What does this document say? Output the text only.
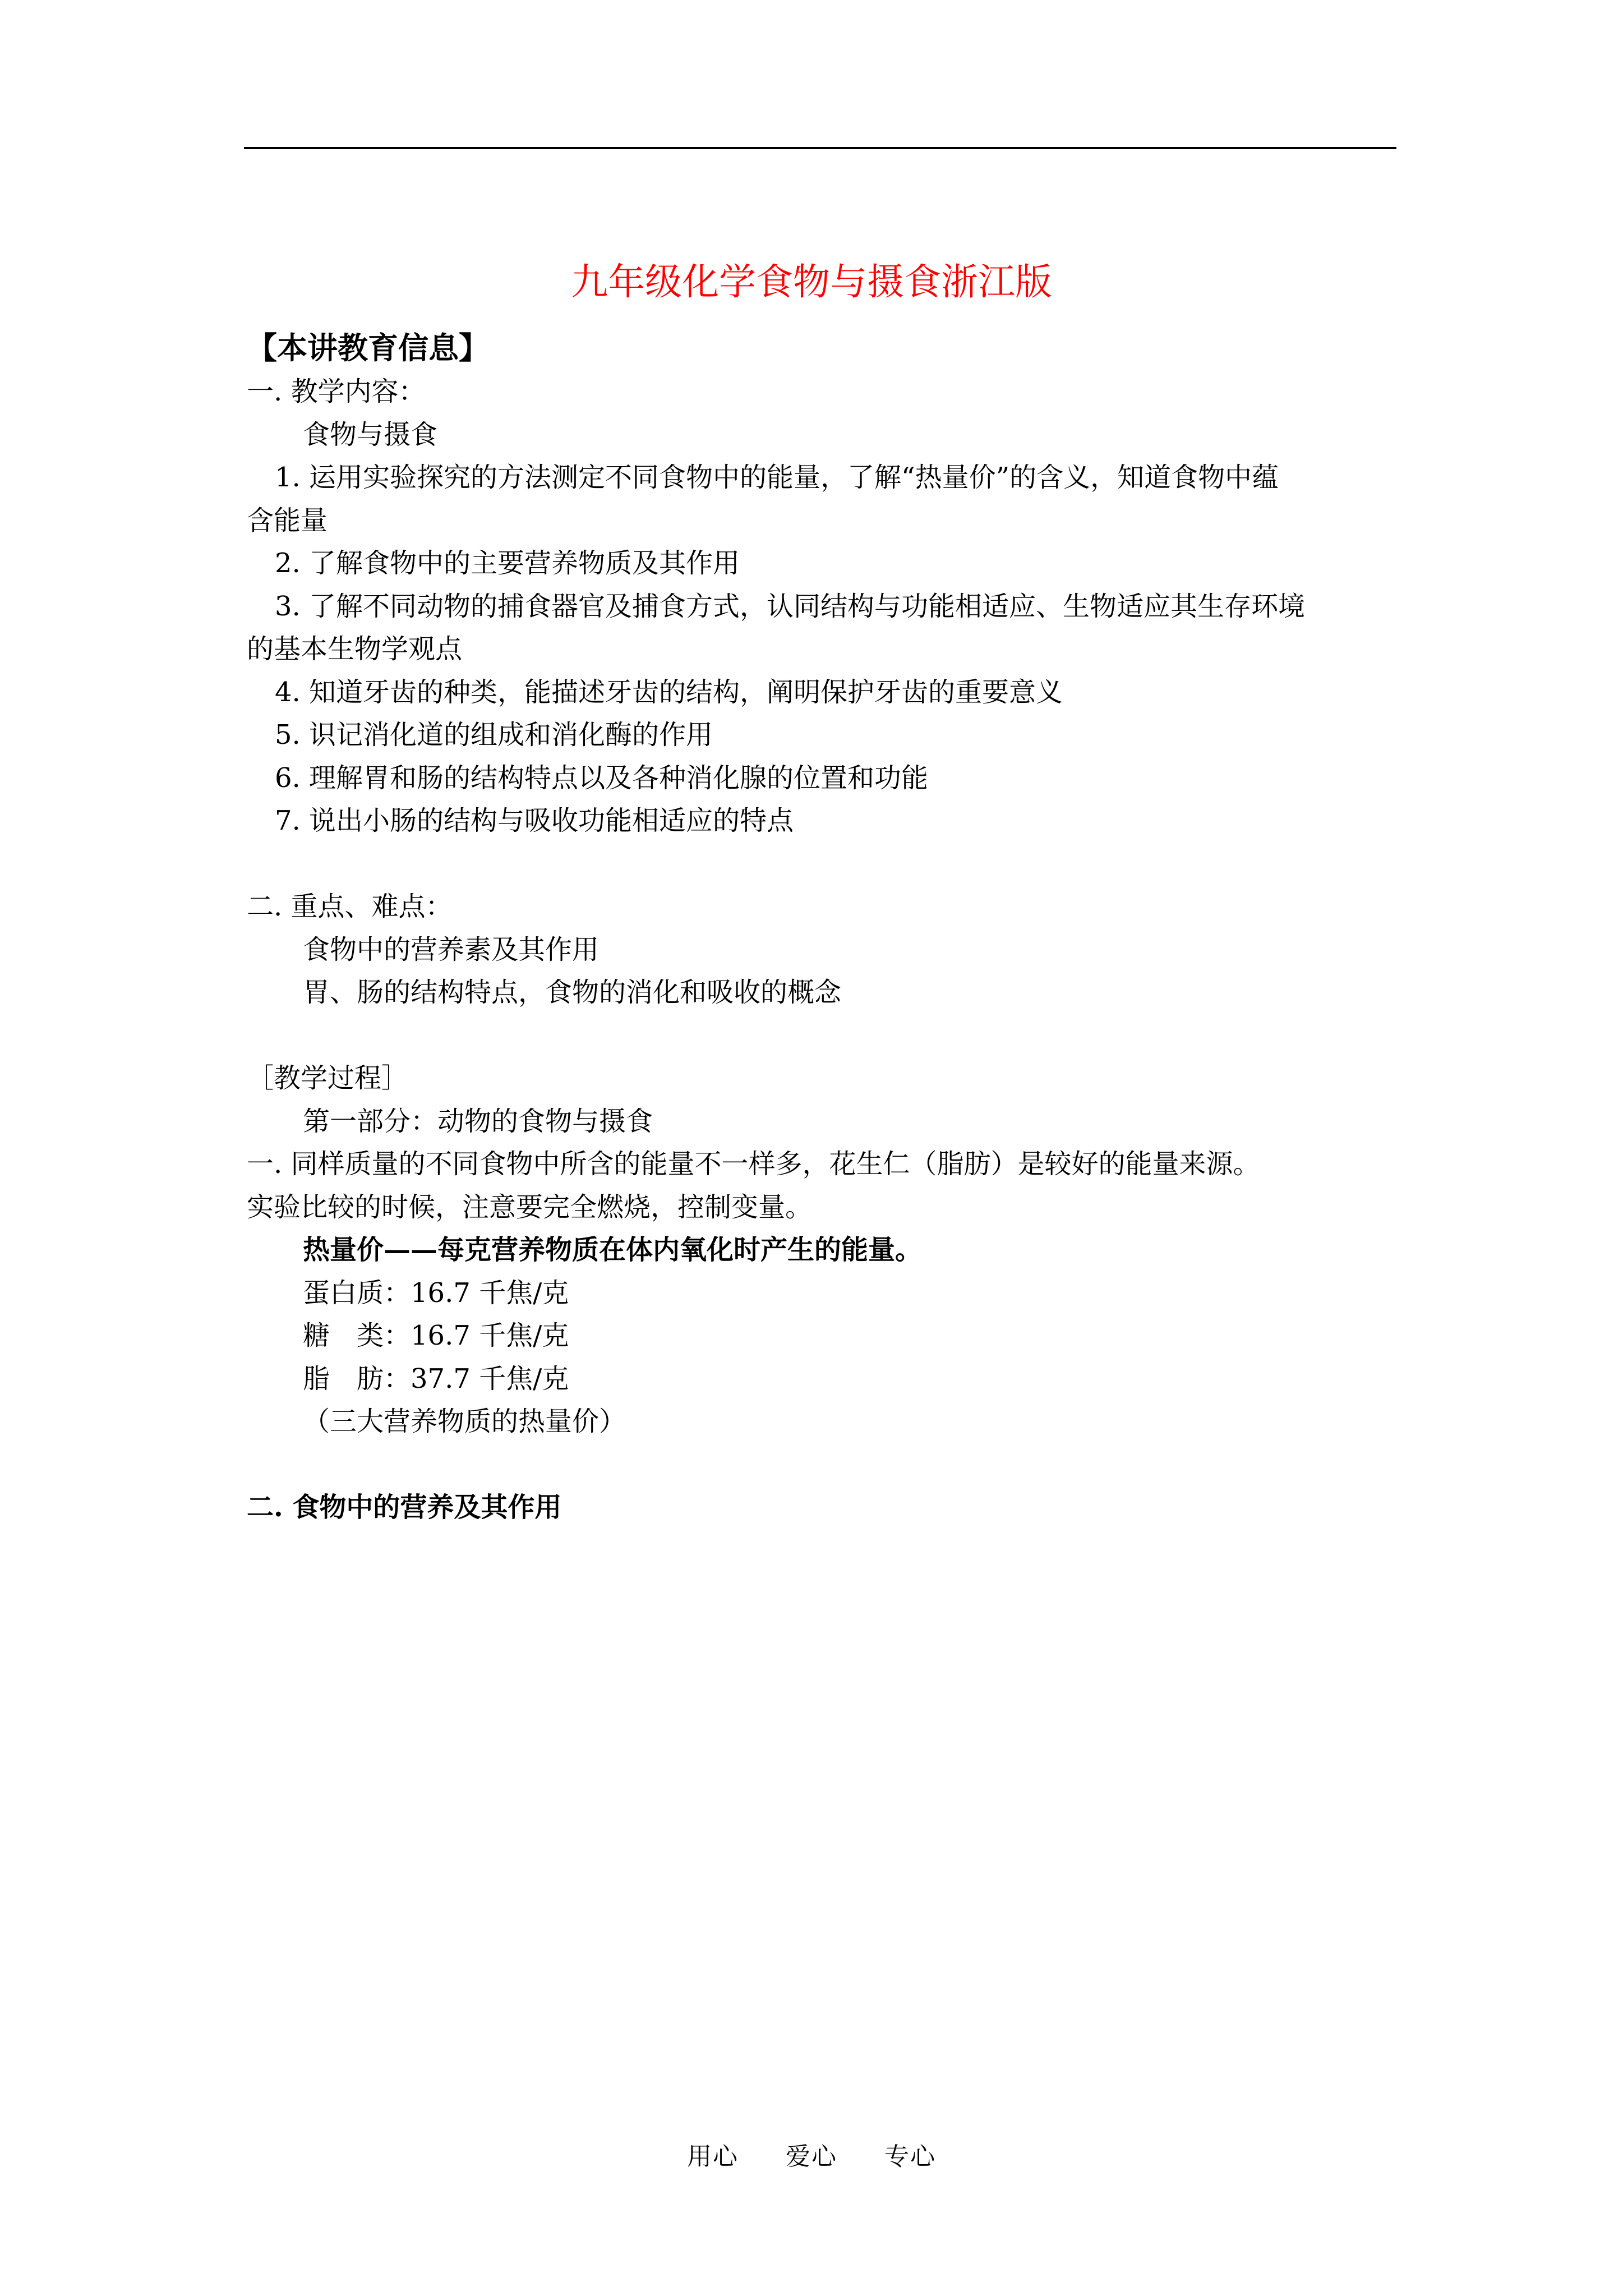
九年级化学食物与摄食浙江版
【本讲教育信息】
一. 教学内容：
食物与摄食
1. 运用实验探究的方法测定不同食物中的能量，了解“热量价”的含义，知道食物中蕴
含能量
2. 了解食物中的主要营养物质及其作用
3. 了解不同动物的捕食器官及捕食方式，认同结构与功能相适应、生物适应其生存环境
的基本生物学观点
4. 知道牙齿的种类，能描述牙齿的结构，阐明保护牙齿的重要意义
5. 识记消化道的组成和消化酶的作用
6. 理解胃和肠的结构特点以及各种消化腺的位置和功能
7. 说出小肠的结构与吸收功能相适应的特点
二. 重点、难点：
食物中的营养素及其作用
胃、肠的结构特点，食物的消化和吸收的概念
［教学过程］
第一部分：动物的食物与摄食
一. 同样质量的不同食物中所含的能量不一样多，花生仁（脂肪）是较好的能量来源。
实验比较的时候，注意要完全燃烧，控制变量。
热量价——每克营养物质在体内氧化时产生的能量。
蛋白质：16.7 千焦/克
糖　类：16.7 千焦/克
脂　肪：37.7 千焦/克
（三大营养物质的热量价）
二. 食物中的营养及其作用
用心 爱心 专心
